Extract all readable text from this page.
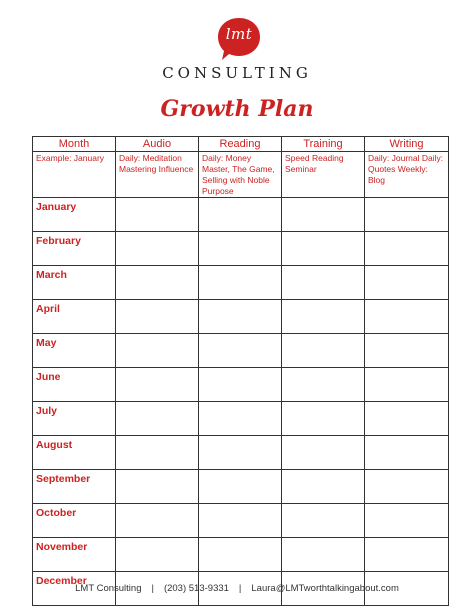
lmt
CONSULTING
Growth Plan
Month	Audio	Reading	Training	Writing
Example: January	Daily: Meditation Mastering Influence	Daily: Money Master, The Game, Selling with Noble Purpose	Speed Reading Seminar	Daily: Journal Daily: Quotes Weekly: Blog
January				
February				
March				
April				
May				
June				
July				
August				
September				
October				
November				
December				
LMT Consulting | (203) 513-9331 | Laura@LMTworthtalkingabout.com
